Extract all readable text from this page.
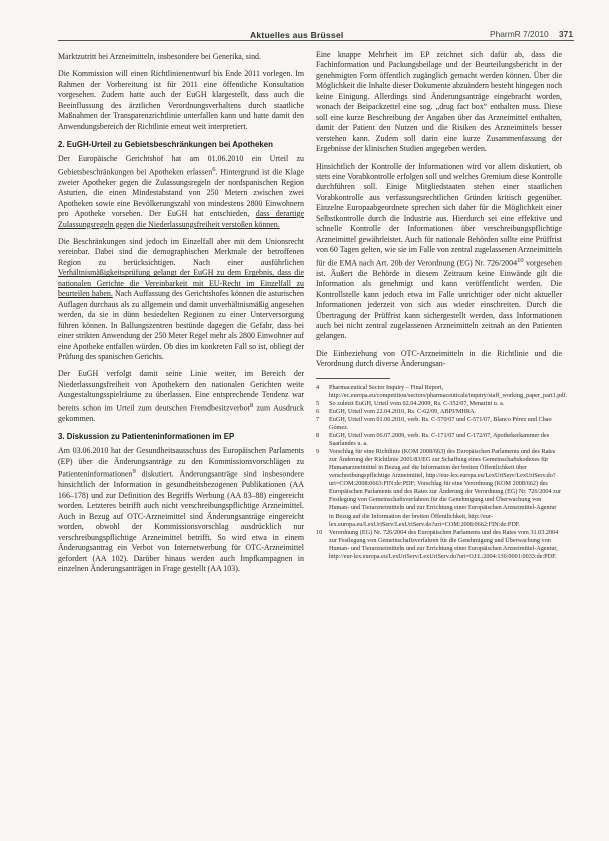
Aktuelles aus Brüssel	PharmR 7/2010 371

Marktzutritt bei Arzneimitteln, insbesondere bei Generika, sind.

Die Kommission will einen Richtlinienentwurf bis Ende 2011 vorlegen. Im Rahmen der Vorbereitung ist für 2011 eine öffentliche Konsultation vorgesehen. Zudem hatte auch der EuGH klargestellt, dass auch die Beeinflussung des ärztlichen Verordnungsverhaltens durch staatliche Maßnahmen der Transparenzrichtlinie unterfallen kann und hatte damit den Anwendungsbereich der Richtlinie erneut weit interpretiert.

2. EuGH-Urteil zu Gebietsbeschränkungen bei Apotheken

Der Europäische Gerichtshof hat am 01.06.2010 ein Urteil zu Gebietsbeschränkungen bei Apotheken erlassen$^6$. Hintergrund ist die Klage zweier Apotheker gegen die Zulassungsregeln der nordspanischen Region Asturien, die einen Mindestabstand von 250 Metern zwischen zwei Apotheken sowie eine Bevölkerungszahl von mindestens 2800 Einwohnern pro Apotheke vorsehen. Der EuGH hat entschieden, dass derartige Zulassungsregeln gegen die Niederlassungsfreiheit verstoßen können.

Die Beschränkungen sind jedoch im Einzelfall aber mit dem Unionsrecht vereinbar. Dabei sind die demographischen Merkmale der betroffenen Region zu berücksichtigen. Nach einer ausführlichen Verhältnismäßigkeitsprüfung gelangt der EuGH zu dem Ergebnis, dass die nationalen Gerichte die Vereinbarkeit mit EU-Recht im Einzelfall zu beurteilen haben. Nach Auffassung des Gerichtshofes können die asturischen Auflagen durchaus als zu allgemein und damit unverhältnismäßig angesehen werden, da sie in dünn besiedelten Regionen zu einer Unterversorgung führen können. In Ballungszentren bestünde dagegen die Gefahr, dass bei einer strikten Anwendung der 250 Meter Regel mehr als 2800 Einwohner auf eine Apotheke entfallen würden. Ob dies im konkreten Fall so ist, obliegt der Prüfung des spanischen Gerichts.

Der EuGH verfolgt damit seine Linie weiter, im Bereich der Niederlassungsfreiheit von Apothekern den nationalen Gerichten weite Ausgestaltungsspielräume zu überlassen. Eine entsprechende Tendenz war bereits schon im Urteil zum deutschen Fremdbesitzverbot$^8$ zum Ausdruck gekommen.

3. Diskussion zu Patienteninformationen im EP

Am 03.06.2010 hat der Gesundheitsausschuss des Europäischen Parlaments (EP) über die Änderungsanträge zu den Kommissionsvorschlägen zu Patienteninformationen$^9$ diskutiert. Änderungsanträge sind insbesondere hinsichtlich der Information in gesundheitsbezogenen Publikationen (AA 166–178) und zur Definition des Begriffs Werbung (AA 83–88) eingereicht worden. Letzteres betrifft auch nicht verschreibungspflichtige Arzneimittel. Auch in Bezug auf OTC-Arzneimittel sind Änderungsanträge eingereicht worden, obwohl der Kommissionsvorschlag ausdrücklich nur verschreibungspflichtige Arzneimittel betrifft. So wird etwa in einem Änderungsantrag ein Verbot von Internetwerbung für OTC-Arzneimittel gefordert (AA 102). Darüber hinaus werden auch Impfkampagnen in einzelnen Änderungsanträgen in Frage gestellt (AA 103).

Eine knappe Mehrheit im EP zeichnet sich dafür ab, dass die Fachinformation und Packungsbeilage und der Beurteilungsbericht in der genehmigten Form öffentlich zugänglich gemacht werden können. Über die Möglichkeit die Inhalte dieser Dokumente abzuändern besteht hingegen noch keine Einigung. Allerdings sind Änderungsanträge eingebracht worden, wonach der Beipackzettel eine sog. „drug fact box“ enthalten muss. Diese soll eine kurze Beschreibung der Angaben über das Arzneimittel enthalten, damit der Patient den Nutzen und die Risiken des Arzneimittels besser verstehen kann. Zudem soll darin eine kurze Zusammenfassung der Ergebnisse der klinischen Studien angegeben werden.

Hinsichtlich der Kontrolle der Informationen wird vor allem diskutiert, ob stets eine Vorabkontrolle erfolgen soll und welches Gremium diese Kontrolle durchführen soll. Einige Mitgliedstaaten stehen einer staatlichen Vorabkontrolle aus verfassungsrechtlichen Gründen kritisch gegenüber. Einzelne Europaabgeordnete sprechen sich daher für die Möglichkeit einer Selbstkontrolle durch die Industrie aus. Hierdurch sei eine effektive und schnelle Kontrolle der Informationen über verschreibungspflichtige Arzneimittel gewährleistet. Auch für nationale Behörden sollte eine Prüffrist von 60 Tagen gelten, wie sie im Falle von zentral zugelassenen Arzneimitteln für die EMA nach Art. 20b der Verordnung (EG) Nr. 726/2004$^{10}$ vorgesehen ist. Äußert die Behörde in diesem Zeitraum keine Einwände gilt die Information als genehmigt und kann veröffentlicht werden. Die Kontrollstelle kann jedoch etwa im Falle unrichtiger oder nicht aktueller Informationen jederzeit von sich aus wieder einschreiten. Durch die Übertragung der Prüffrist kann sichergestellt werden, dass Informationen auch bei nicht zentral zugelassenen Arzneimitteln zeitnah an den Patienten gelangen.

Die Einbeziehung von OTC-Arzneimitteln in die Richtlinie und die Verordnung durch diverse Änderungsan-

4 Pharmaceutical Sector Inquiry – Final Report, http://ec.europa.eu/competition/sectors/pharmaceuticals/inquiry/staff_working_paper_part1.pdf.
5 So zuletzt EuGH, Urteil vom 02.04.2009, Rs. C-352/07, Menarini u. a.
6 EuGH, Urteil vom 22.04.2010, Rs. C-62/09, ABPI/MHRA.
7 EuGH, Urteil vom 01.06.2010, verb. Rs. C-570/07 und C-571/07, Blanco Pérez und Chao Gómez.
8 EuGH, Urteil vom 06.07.2009, verb. Rs. C-171/07 und C-172/07, Apothekerkammer des Saarlandes u. a.
9 Vorschlag für eine Richtlinie (KOM 2008/663) des Europäischen Parlaments und des Rates zur Änderung der Richtlinie 2001/83/EG zur Schaffung eines Gemeinschaftskodexes für Humanarzneimittel in Bezug auf die Information der breiten Öffentlichkeit über verschreibungspflichtige Arzneimittel, http://eur-lex.europa.eu/LexUriServ/LexUriServ.do?uri=COM:2008:0663:FIN:de:PDF; Vorschlag für eine Verordnung (KOM 2008/662) des Europäischen Parlaments und des Rates zur Änderung der Verordnung (EG) Nr. 726/2004 zur Festlegung von Gemeinschaftsverfahren für die Genehmigung und Überwachung von Human- und Tierarzneimitteln und zur Errichtung einer Europäischen Arzneimittel-Agentur in Bezug auf die Information der breiten Öffentlichkeit, http://eur-lex.europa.eu/LexUriServ/LexUriServ.do?uri=COM:2008:0662:FIN:de:PDF.
10 Verordnung (EG) Nr. 726/2004 des Europäischen Parlaments und des Rates vom 31.03.2004 zur Festlegung von Gemeinschaftsverfahren für die Genehmigung und Überwachung von Human- und Tierarzneimitteln und zur Errichtung einer Europäischen Arzneimittel-Agentur, http://eur-lex.europa.eu/LexUriServ/LexUriServ.do?uri=OJ:L:2004:136:0001:0033:de:PDF.
